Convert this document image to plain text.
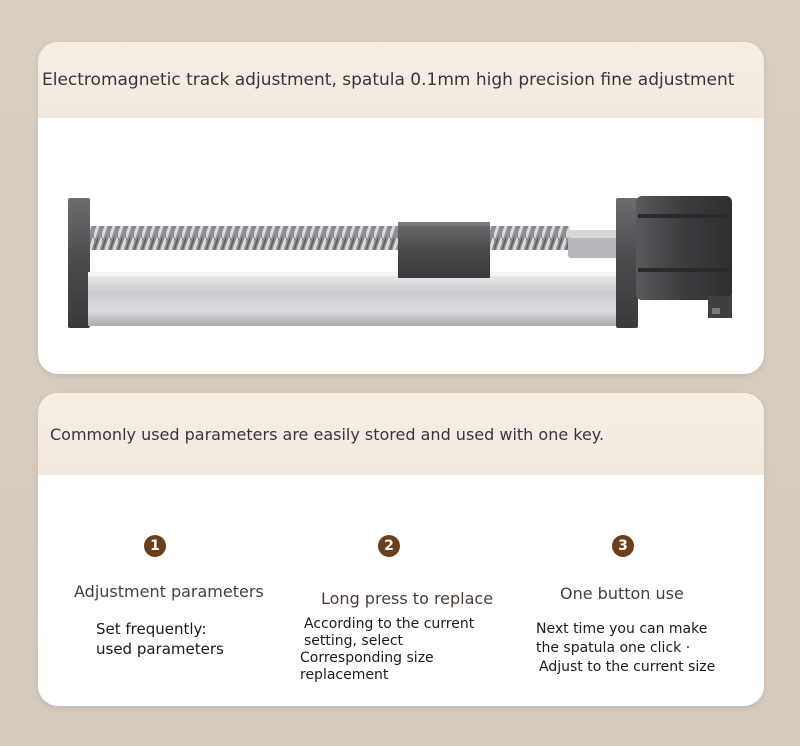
Electromagnetic track adjustment, spatula 0.1mm high precision fine adjustment
Commonly used parameters are easily stored and used with one key.
1
Adjustment parameters
Set frequently:
used parameters
2
Long press to replace
According to the current
setting, select
Corresponding size
replacement
3
One button use
Next time you can make
the spatula one click ·
Adjust to the current size
